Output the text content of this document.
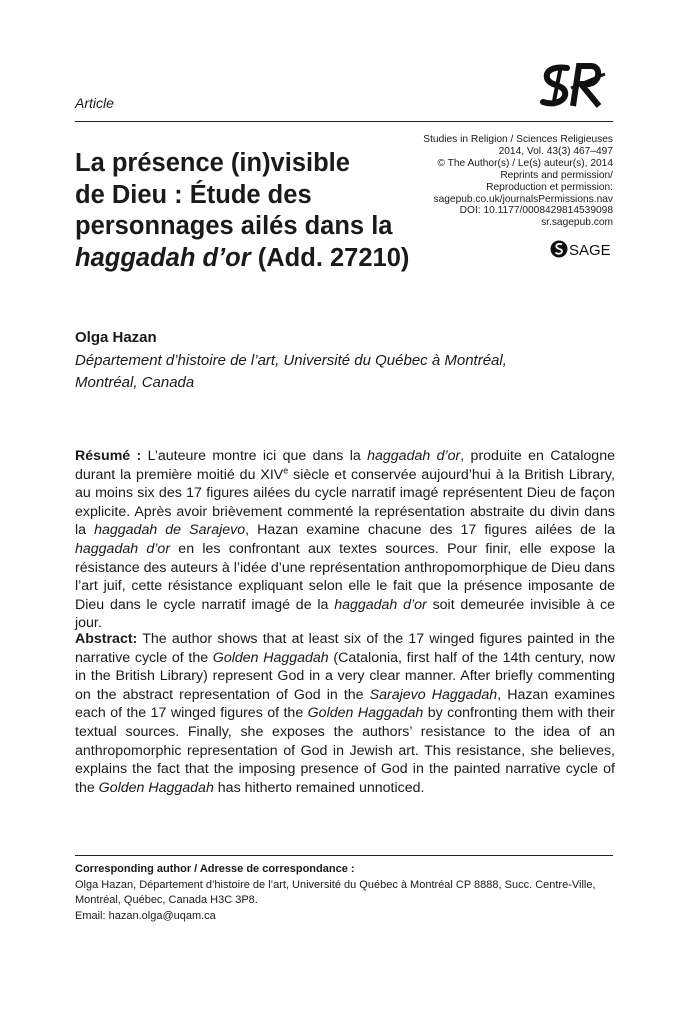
Article
Studies in Religion / Sciences Religieuses
2014, Vol. 43(3) 467–497
© The Author(s) / Le(s) auteur(s), 2014
Reprints and permission/
Reproduction et permission:
sagepub.co.uk/journalsPermissions.nav
DOI: 10.1177/0008429814539098
sr.sagepub.com
SAGE
La présence (in)visible
de Dieu : Étude des
personnages ailés dans la
haggadah d’or (Add. 27210)
Olga Hazan
Département d’histoire de l’art, Université du Québec à Montréal,
Montréal, Canada
Résumé : L’auteure montre ici que dans la haggadah d’or, produite en Catalogne durant la première moitié du XIVe siècle et conservée aujourd’hui à la British Library, au moins six des 17 figures ailées du cycle narratif imagé représentent Dieu de façon explicite. Après avoir brièvement commenté la représentation abstraite du divin dans la haggadah de Sarajevo, Hazan examine chacune des 17 figures ailées de la haggadah d’or en les confrontant aux textes sources. Pour finir, elle expose la résistance des auteurs à l’idée d’une représentation anthropomorphique de Dieu dans l’art juif, cette résistance expliquant selon elle le fait que la présence imposante de Dieu dans le cycle narratif imagé de la haggadah d’or soit demeurée invisible à ce jour.
Abstract: The author shows that at least six of the 17 winged figures painted in the narrative cycle of the Golden Haggadah (Catalonia, first half of the 14th century, now in the British Library) represent God in a very clear manner. After briefly commenting on the abstract representation of God in the Sarajevo Haggadah, Hazan examines each of the 17 winged figures of the Golden Haggadah by confronting them with their textual sources. Finally, she exposes the authors’ resistance to the idea of an anthropomorphic representation of God in Jewish art. This resistance, she believes, explains the fact that the imposing presence of God in the painted narrative cycle of the Golden Haggadah has hitherto remained unnoticed.
Corresponding author / Adresse de correspondance :
Olga Hazan, Département d’histoire de l’art, Université du Québec à Montréal CP 8888, Succ. Centre-Ville,
Montréal, Québec, Canada H3C 3P8.
Email: hazan.olga@uqam.ca
